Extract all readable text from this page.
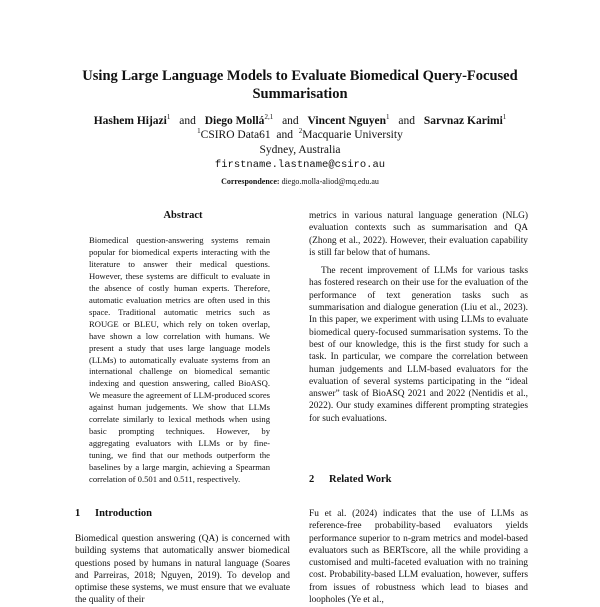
Using Large Language Models to Evaluate Biomedical Query-Focused Summarisation
Hashem Hijazi$^1$ and Diego Mollá$^{2,1}$ and Vincent Nguyen$^1$ and Sarvnaz Karimi$^1$
$^1$CSIRO Data61 and $^2$Macquarie University
Sydney, Australia
firstname.lastname@csiro.au
Correspondence: diego.molla-aliod@mq.edu.au
Abstract
Biomedical question-answering systems remain popular for biomedical experts interacting with the literature to answer their medical questions. However, these systems are difficult to evaluate in the absence of costly human experts. Therefore, automatic evaluation metrics are often used in this space. Traditional automatic metrics such as ROUGE or BLEU, which rely on token overlap, have shown a low correlation with humans. We present a study that uses large language models (LLMs) to automatically evaluate systems from an international challenge on biomedical semantic indexing and question answering, called BioASQ. We measure the agreement of LLM-produced scores against human judgements. We show that LLMs correlate similarly to lexical methods when using basic prompting techniques. However, by aggregating evaluators with LLMs or by fine-tuning, we find that our methods outperform the baselines by a large margin, achieving a Spearman correlation of 0.501 and 0.511, respectively.
1 Introduction
Biomedical question answering (QA) is concerned with building systems that automatically answer biomedical questions posed by humans in natural language (Soares and Parreiras, 2018; Nguyen, 2019). To develop and optimise these systems, we must ensure that we evaluate the quality of their

metrics in various natural language generation (NLG) evaluation contexts such as summarisation and QA (Zhong et al., 2022). However, their evaluation capability is still far below that of humans.

The recent improvement of LLMs for various tasks has fostered research on their use for the evaluation of the performance of text generation tasks such as summarisation and dialogue generation (Liu et al., 2023). In this paper, we experiment with using LLMs to evaluate biomedical query-focused summarisation systems. To the best of our knowledge, this is the first study for such a task. In particular, we compare the correlation between human judgements and LLM-based evaluators for the evaluation of several systems participating in the “ideal answer” task of BioASQ 2021 and 2022 (Nentidis et al., 2022). Our study examines different prompting strategies for such evaluations.

2 Related Work
Fu et al. (2024) indicates that the use of LLMs as reference-free probability-based evaluators yields performance superior to n-gram metrics and model-based evaluators such as BERTscore, all the while providing a customised and multi-faceted evaluation with no training cost. Probability-based LLM evaluation, however, suffers from issues of robustness which lead to biases and loopholes (Ye et al.,
